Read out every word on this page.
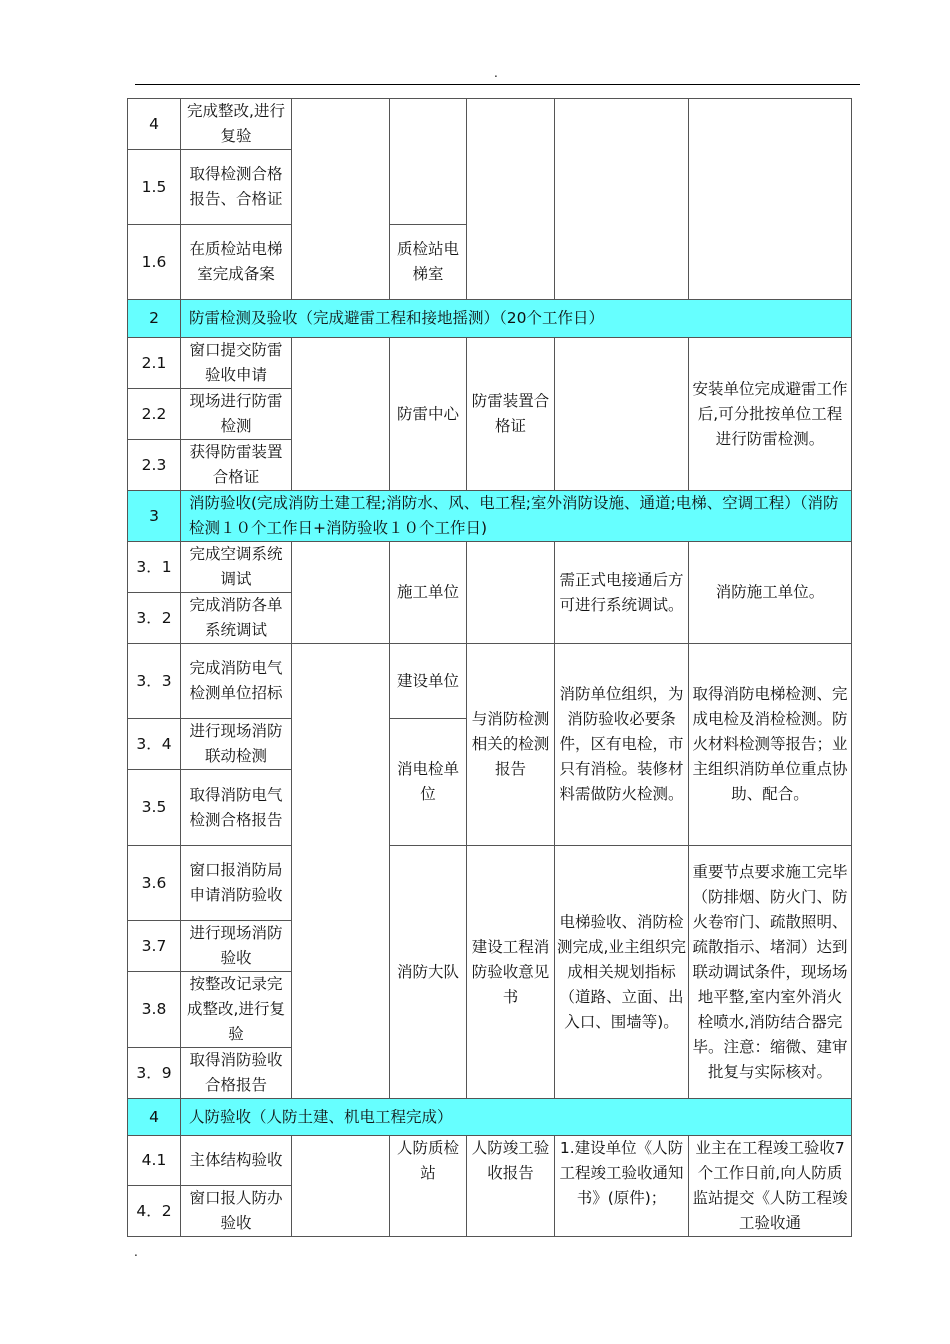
.
4	完成整改,进行复验					
1.5	取得检测合格报告、合格证					
1.6	在质检站电梯室完成备案		质检站电梯室			
2	防雷检测及验收（完成避雷工程和接地摇测）（20个工作日）					
2.1	窗口提交防雷验收申请		防雷中心	防雷装置合格证		安装单位完成避雷工作后,可分批按单位工程进行防雷检测。
2.2	现场进行防雷检测					
2.3	获得防雷装置合格证					
3	消防验收(完成消防土建工程;消防水、风、电工程;室外消防设施、通道;电梯、空调工程）（消防检测１０个工作日+消防验收１０个工作日)					
3．1	完成空调系统调试		施工单位		需正式电接通后方可进行系统调试。	消防施工单位。
3．2	完成消防各单系统调试					
3．3	完成消防电气检测单位招标		建设单位	与消防检测相关的检测报告	消防单位组织，为消防验收必要条件，区有电检，市只有消检。装修材料需做防火检测。	取得消防电梯检测、完成电检及消检检测。防火材料检测等报告；业主组织消防单位重点协助、配合。
3．4	进行现场消防联动检测		消电检单位			
3.5	取得消防电气检测合格报告					
3.6	窗口报消防局申请消防验收		消防大队	建设工程消防验收意见书	电梯验收、消防检测完成,业主组织完成相关规划指标（道路、立面、出入口、围墙等)。	重要节点要求施工完毕（防排烟、防火门、防火卷帘门、疏散照明、疏散指示、堵洞）达到联动调试条件，现场场地平整,室内室外消火栓喷水,消防结合器完毕。注意：缩微、建审批复与实际核对。
3.7	进行现场消防验收					
3.8	按整改记录完成整改,进行复验					
3．9	取得消防验收合格报告					
4	人防验收（人防土建、机电工程完成）					
4.1	主体结构验收		人防质检站	人防竣工验收报告	1.建设单位《人防工程竣工验收通知书》(原件)；	业主在工程竣工验收7个工作日前,向人防质监站提交《人防工程竣工验收通
4．2	窗口报人防办验收					
.
